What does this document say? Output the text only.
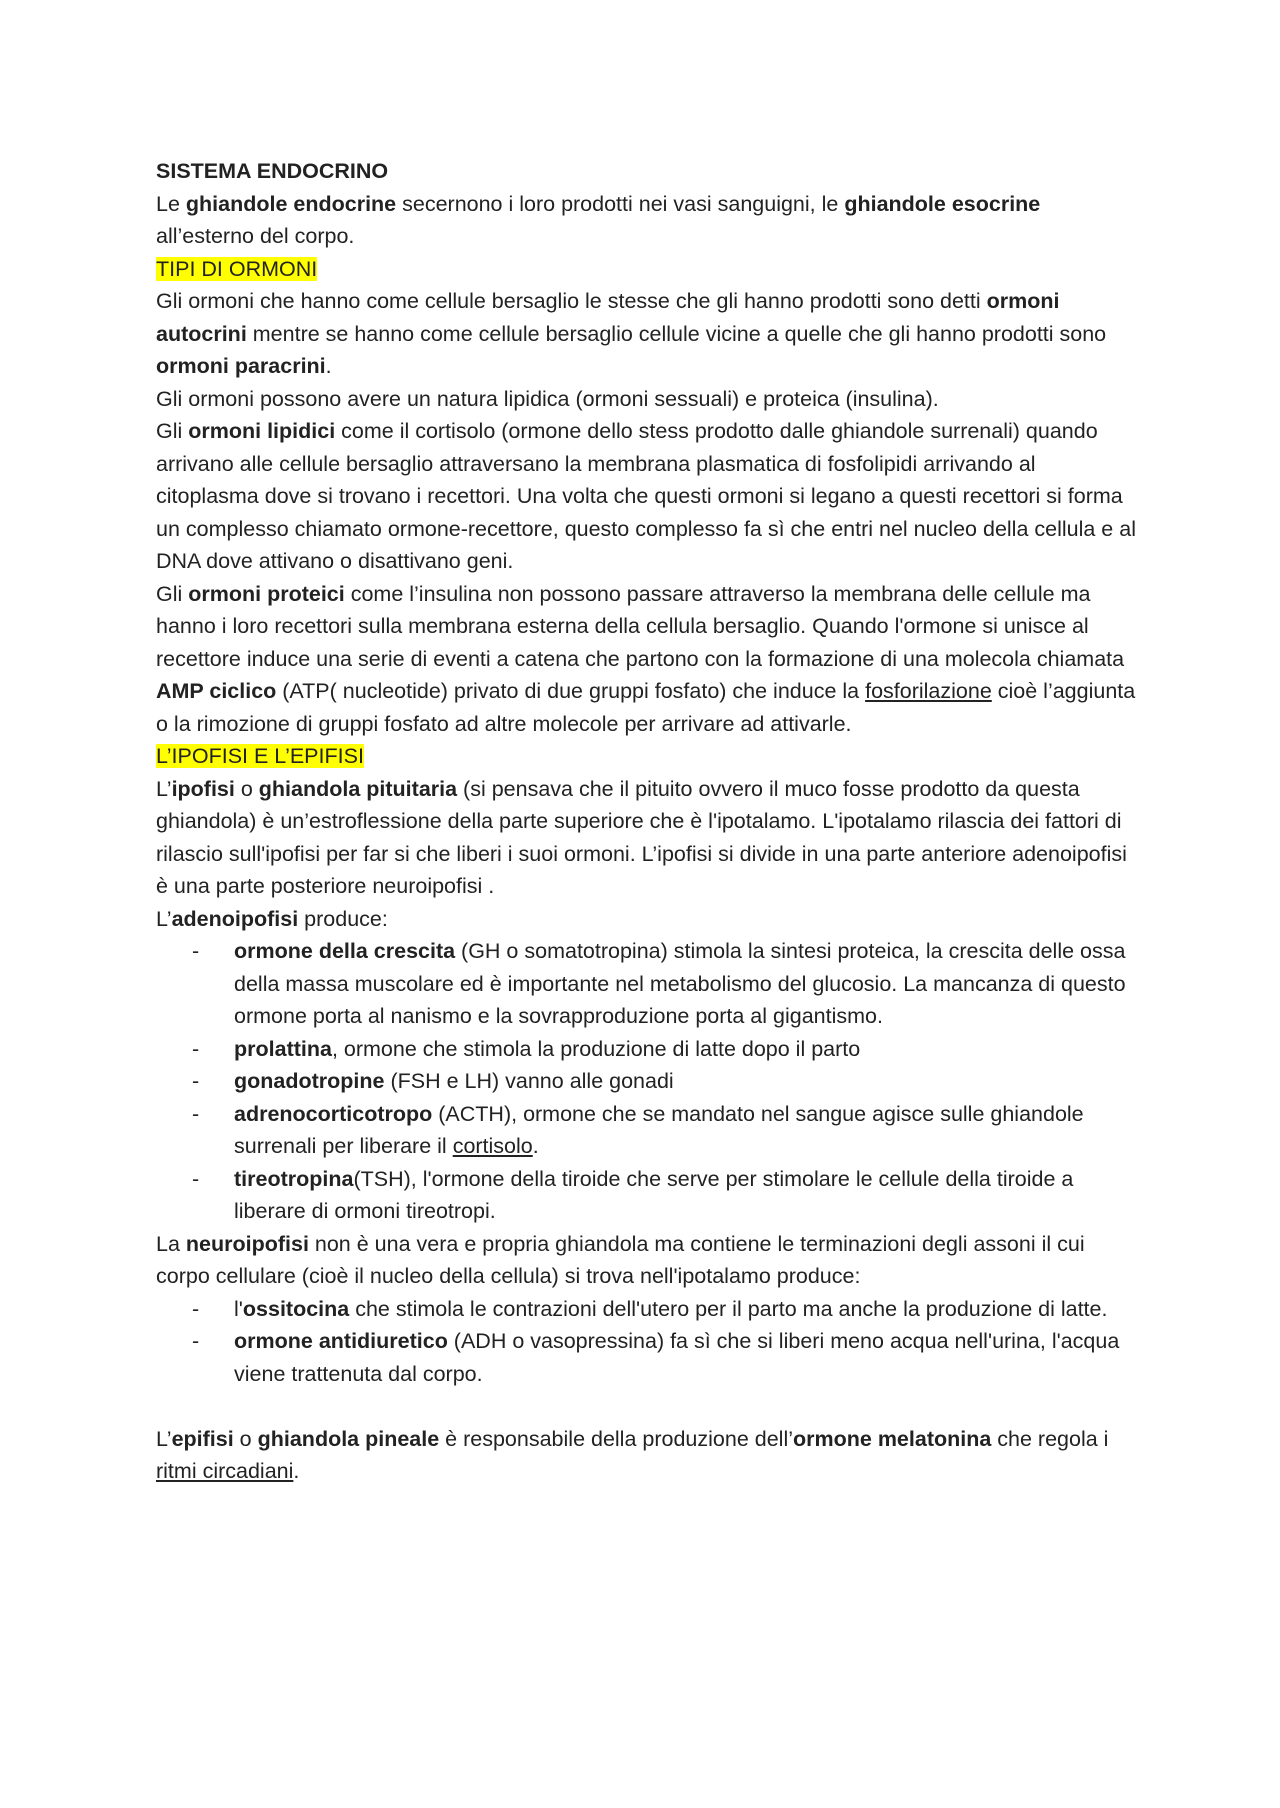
SISTEMA ENDOCRINO

Le ghiandole endocrine secernono i loro prodotti nei vasi sanguigni, le ghiandole esocrine all’esterno del corpo.

TIPI DI ORMONI

Gli ormoni che hanno come cellule bersaglio le stesse che gli hanno prodotti sono detti ormoni autocrini mentre se hanno come cellule bersaglio cellule vicine a quelle che gli hanno prodotti sono ormoni paracrini.

Gli ormoni possono avere un natura lipidica (ormoni sessuali) e proteica (insulina).

Gli ormoni lipidici come il cortisolo (ormone dello stess prodotto dalle ghiandole surrenali) quando arrivano alle cellule bersaglio attraversano la membrana plasmatica di fosfolipidi arrivando al citoplasma dove si trovano i recettori. Una volta che questi ormoni si legano a questi recettori si forma un complesso chiamato ormone-recettore, questo complesso fa sì che entri nel nucleo della cellula e al DNA dove attivano o disattivano geni.

Gli ormoni proteici come l’insulina non possono passare attraverso la membrana delle cellule ma hanno i loro recettori sulla membrana esterna della cellula bersaglio. Quando l'ormone si unisce al recettore induce una serie di eventi a catena che partono con la formazione di una molecola chiamata AMP ciclico (ATP( nucleotide) privato di due gruppi fosfato) che induce la fosforilazione cioè l’aggiunta o la rimozione di gruppi fosfato ad altre molecole per arrivare ad attivarle.

L’IPOFISI E L’EPIFISI

L’ipofisi o ghiandola pituitaria (si pensava che il pituito ovvero il muco fosse prodotto da questa ghiandola) è un’estroflessione della parte superiore che è l'ipotalamo. L'ipotalamo rilascia dei fattori di rilascio sull'ipofisi per far si che liberi i suoi ormoni. L’ipofisi si divide in una parte anteriore adenoipofisi è una parte posteriore neuroipofisi .

L’adenoipofisi produce:

- ormone della crescita (GH o somatotropina) stimola la sintesi proteica, la crescita delle ossa della massa muscolare ed è importante nel metabolismo del glucosio. La mancanza di questo ormone porta al nanismo e la sovrapproduzione porta al gigantismo.
- prolattina, ormone che stimola la produzione di latte dopo il parto
- gonadotropine (FSH e LH) vanno alle gonadi
- adrenocorticotropo (ACTH), ormone che se mandato nel sangue agisce sulle ghiandole surrenali per liberare il cortisolo.
- tireotropina(TSH), l'ormone della tiroide che serve per stimolare le cellule della tiroide a liberare di ormoni tireotropi.

La neuroipofisi non è una vera e propria ghiandola ma contiene le terminazioni degli assoni il cui corpo cellulare (cioè il nucleo della cellula) si trova nell'ipotalamo produce:

- l'ossitocina che stimola le contrazioni dell'utero per il parto ma anche la produzione di latte.
- ormone antidiuretico (ADH o vasopressina) fa sì che si liberi meno acqua nell'urina, l'acqua viene trattenuta dal corpo.

L’epifisi o ghiandola pineale è responsabile della produzione dell’ormone melatonina che regola i ritmi circadiani.
